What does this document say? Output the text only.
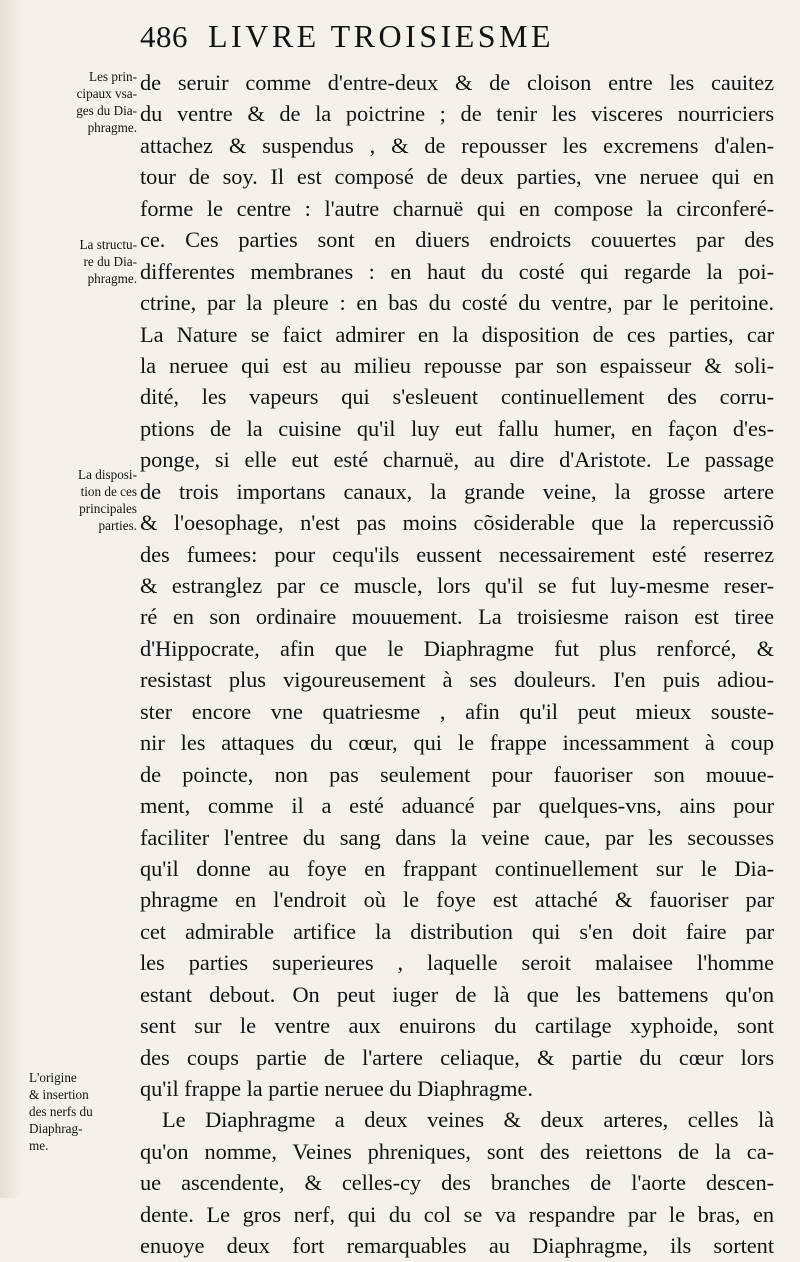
486 LIVRE TROISIESME
Les prin-
cipaux vsa-
ges du Dia-
phragme.
La structu-
re du Dia-
phragme.
La disposi-
tion de ces
principales
parties.
L'origine
& insertion
des nerfs du
Diaphrag-
me.
de seruir comme d'entre-deux & de cloison entre les cauitez
du ventre & de la poictrine ; de tenir les visceres nourriciers
attachez & suspendus , & de repousser les excremens d'alen-
tour de soy. Il est composé de deux parties, vne neruee qui en
forme le centre : l'autre charnuë qui en compose la circonferé-
ce. Ces parties sont en diuers endroicts couuertes par des
differentes membranes : en haut du costé qui regarde la poi-
ctrine, par la pleure : en bas du costé du ventre, par le peritoine.
La Nature se faict admirer en la disposition de ces parties, car
la neruee qui est au milieu repousse par son espaisseur & soli-
dité, les vapeurs qui s'esleuent continuellement des corru-
ptions de la cuisine qu'il luy eut fallu humer, en façon d'es-
ponge, si elle eut esté charnuë, au dire d'Aristote. Le passage
de trois importans canaux, la grande veine, la grosse artere
& l'oesophage, n'est pas moins cõsiderable que la repercussiõ
des fumees: pour cequ'ils eussent necessairement esté reserrez
& estranglez par ce muscle, lors qu'il se fut luy-mesme reser-
ré en son ordinaire mouuement. La troisiesme raison est tiree
d'Hippocrate, afin que le Diaphragme fut plus renforcé, &
resistast plus vigoureusement à ses douleurs. I'en puis adiou-
ster encore vne quatriesme , afin qu'il peut mieux souste-
nir les attaques du cœur, qui le frappe incessamment à coup
de poincte, non pas seulement pour fauoriser son mouue-
ment, comme il a esté aduancé par quelques-vns, ains pour
faciliter l'entree du sang dans la veine caue, par les secousses
qu'il donne au foye en frappant continuellement sur le Dia-
phragme en l'endroit où le foye est attaché & fauoriser par
cet admirable artifice la distribution qui s'en doit faire par
les parties superieures , laquelle seroit malaisee l'homme
estant debout. On peut iuger de là que les battemens qu'on
sent sur le ventre aux enuirons du cartilage xyphoide, sont
des coups partie de l'artere celiaque, & partie du cœur lors
qu'il frappe la partie neruee du Diaphragme.
Le Diaphragme a deux veines & deux arteres, celles là
qu'on nomme, Veines phreniques, sont des reiettons de la ca-
ue ascendente, & celles-cy des branches de l'aorte descen-
dente. Le gros nerf, qui du col se va respandre par le bras, en
enuoye deux fort remarquables au Diaphragme, ils sortent
